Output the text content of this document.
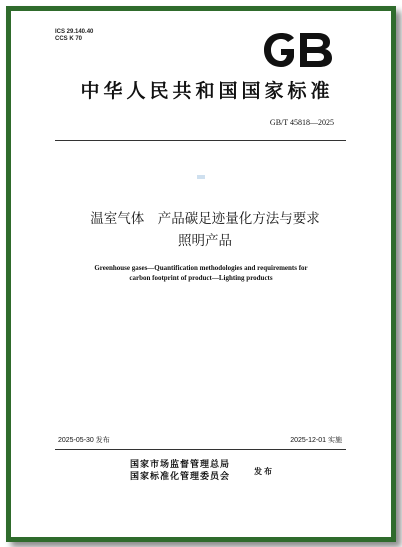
ICS 29.140.40
CCS K 70
中华人民共和国国家标准
GB/T 45818—2025
温室气体　产品碳足迹量化方法与要求
照明产品
Greenhouse gases—Quantification methodologies and requirements for
carbon footprint of product—Lighting products
2025-05-30 发布	2025-12-01 实施
国家市场监督管理总局
国家标准化管理委员会
发布
